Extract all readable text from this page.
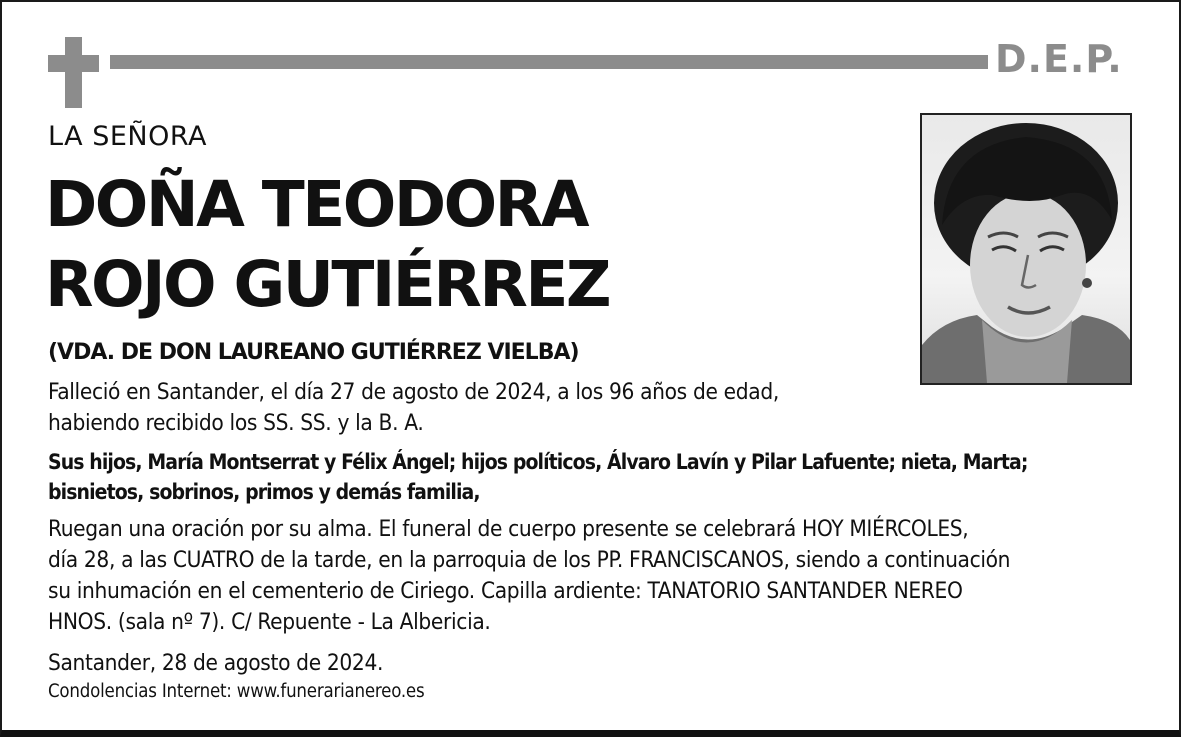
D.E.P.
LA SEÑORA
DOÑA TEODORA
ROJO GUTIÉRREZ
(VDA. DE DON LAUREANO GUTIÉRREZ VIELBA)
Falleció en Santander, el día 27 de agosto de 2024, a los 96 años de edad,
habiendo recibido los SS. SS. y la B. A.
Sus hijos, María Montserrat y Félix Ángel; hijos políticos, Álvaro Lavín y Pilar Lafuente; nieta, Marta;
bisnietos, sobrinos, primos y demás familia,
Ruegan una oración por su alma. El funeral de cuerpo presente se celebrará HOY MIÉRCOLES,
día 28, a las CUATRO de la tarde, en la parroquia de los PP. FRANCISCANOS, siendo a continuación
su inhumación en el cementerio de Ciriego. Capilla ardiente: TANATORIO SANTANDER NEREO
HNOS. (sala nº 7). C/ Repuente - La Albericia.
Santander, 28 de agosto de 2024.
Condolencias Internet: www.funerarianereo.es
